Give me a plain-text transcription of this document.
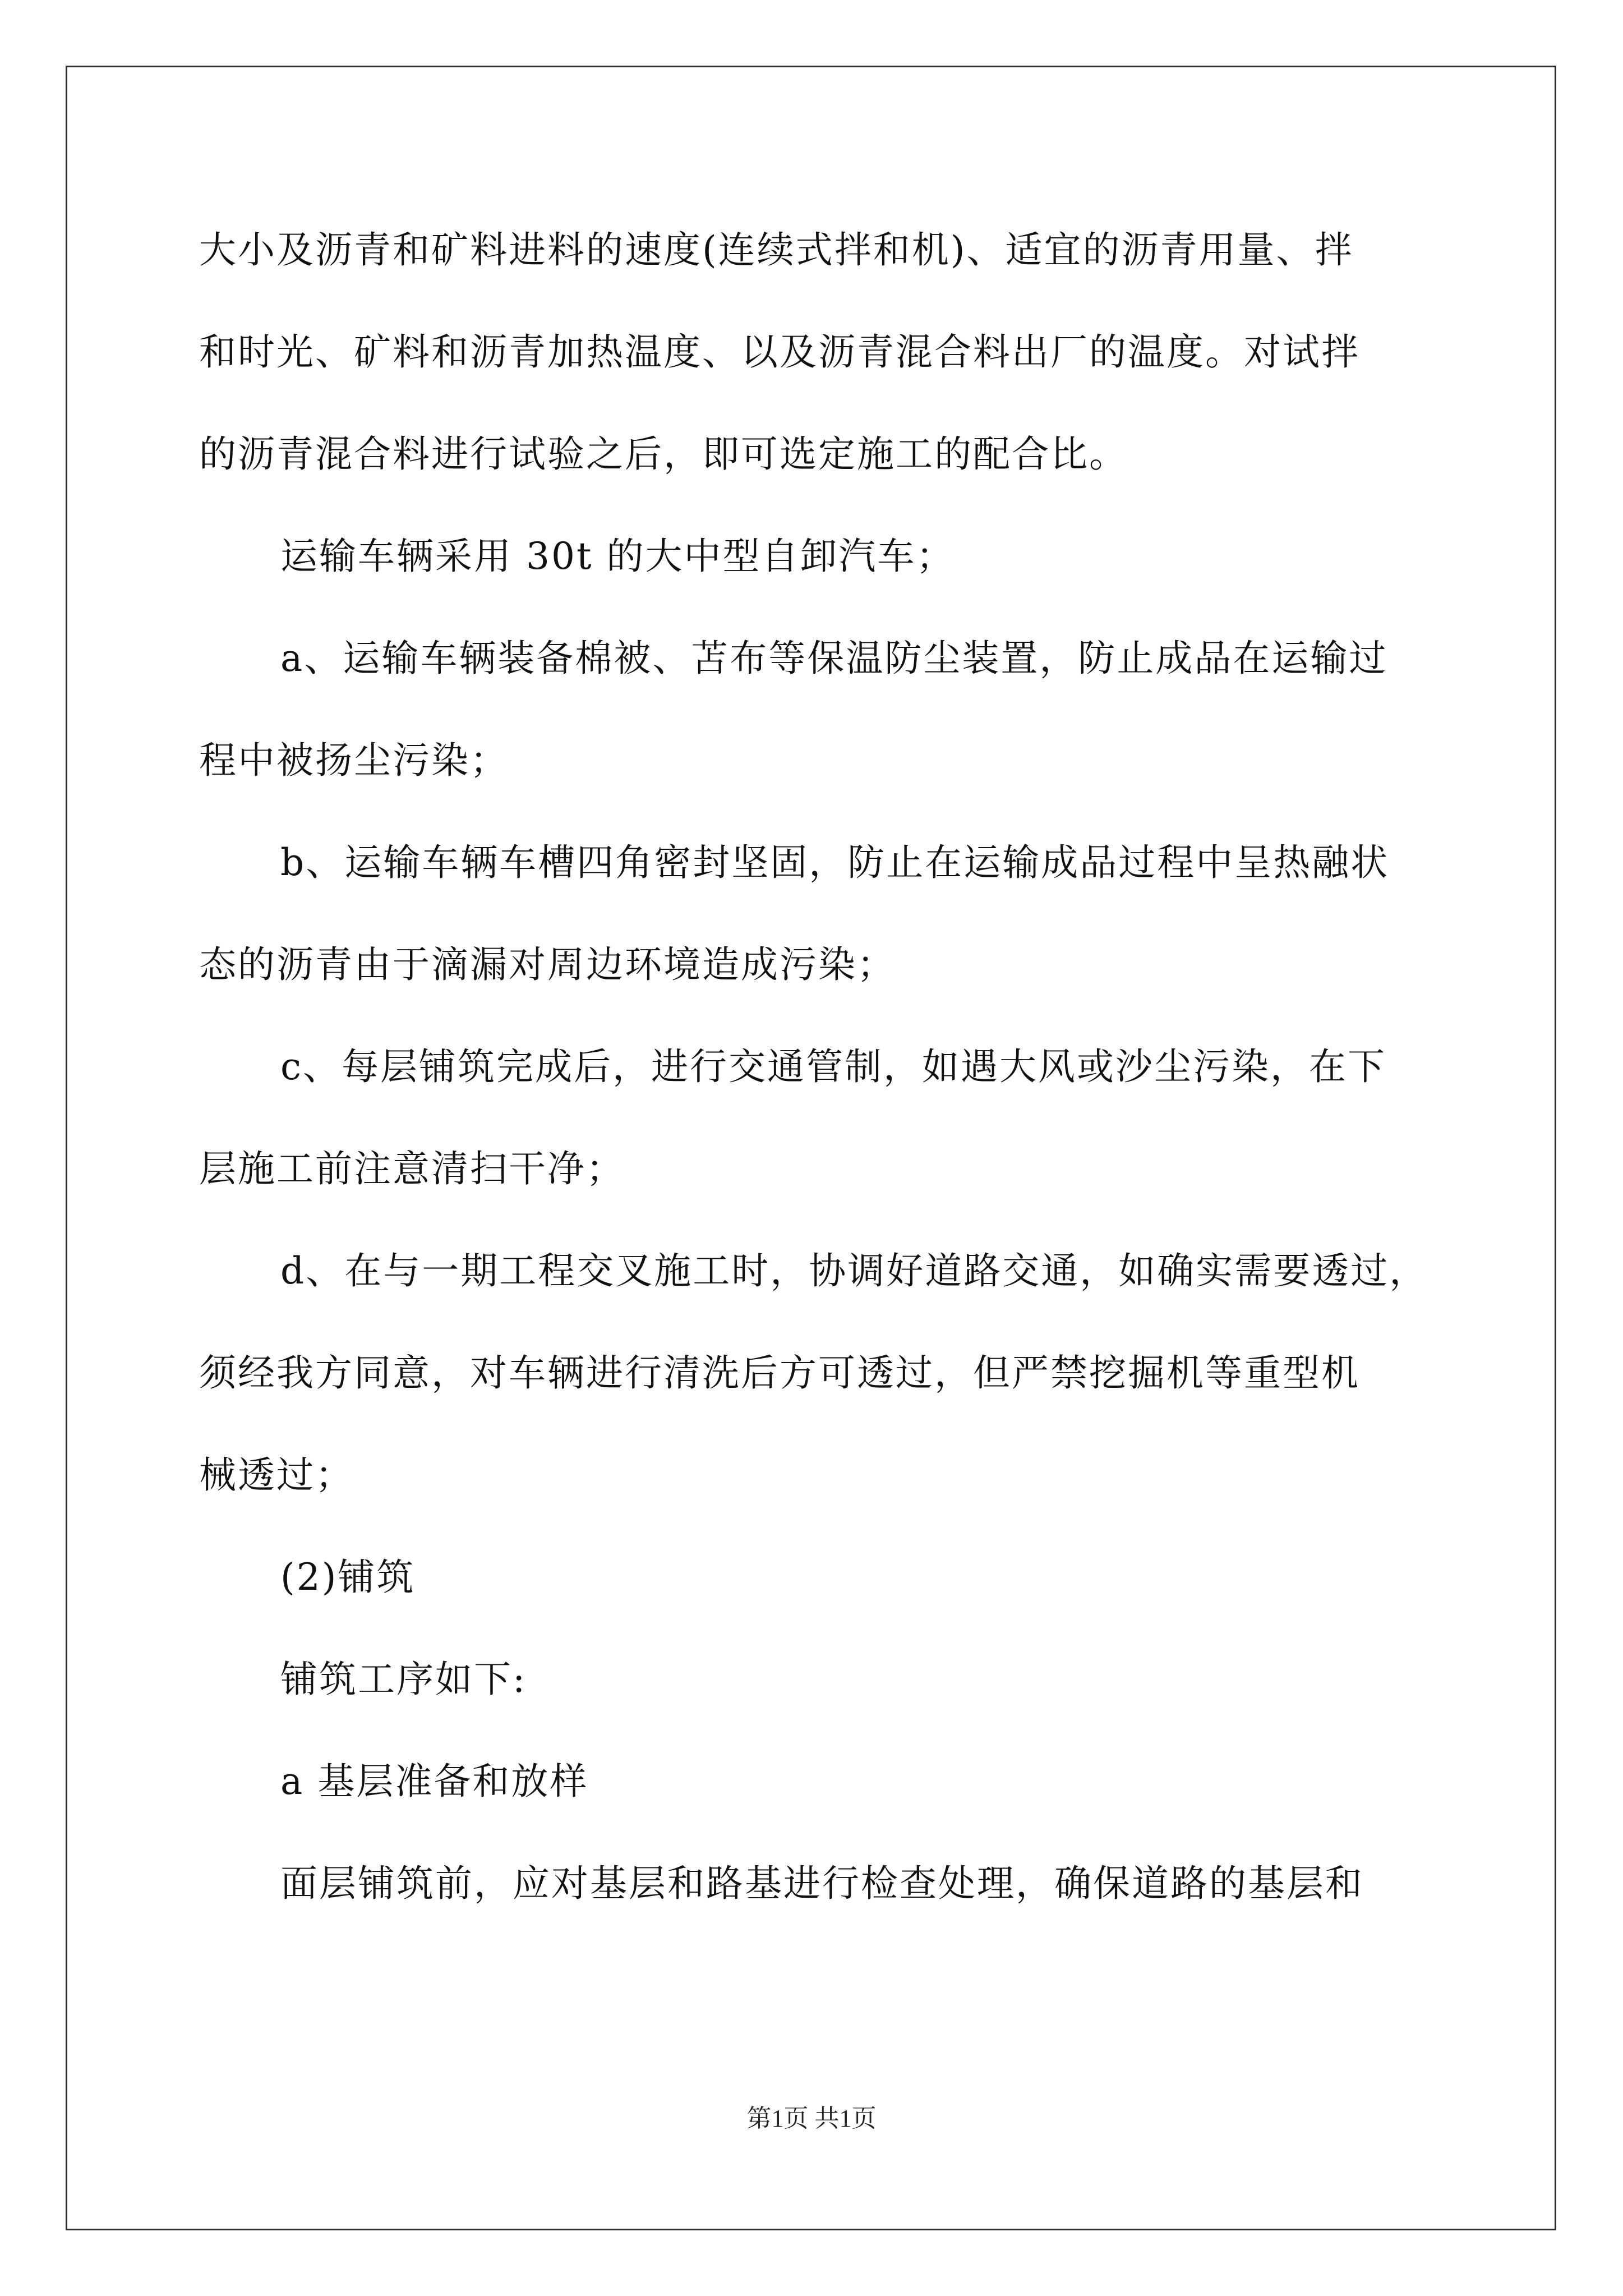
大小及沥青和矿料进料的速度(连续式拌和机)、适宜的沥青用量、拌

和时光、矿料和沥青加热温度、以及沥青混合料出厂的温度。对试拌

的沥青混合料进行试验之后，即可选定施工的配合比。

运输车辆采用 30t 的大中型自卸汽车；

a、运输车辆装备棉被、苫布等保温防尘装置，防止成品在运输过

程中被扬尘污染；

b、运输车辆车槽四角密封坚固，防止在运输成品过程中呈热融状

态的沥青由于滴漏对周边环境造成污染；

c、每层铺筑完成后，进行交通管制，如遇大风或沙尘污染，在下

层施工前注意清扫干净；

d、在与一期工程交叉施工时，协调好道路交通，如确实需要透过，

须经我方同意，对车辆进行清洗后方可透过，但严禁挖掘机等重型机

械透过；

(2)铺筑

铺筑工序如下:

a 基层准备和放样

面层铺筑前，应对基层和路基进行检查处理，确保道路的基层和

第1页 共1页
